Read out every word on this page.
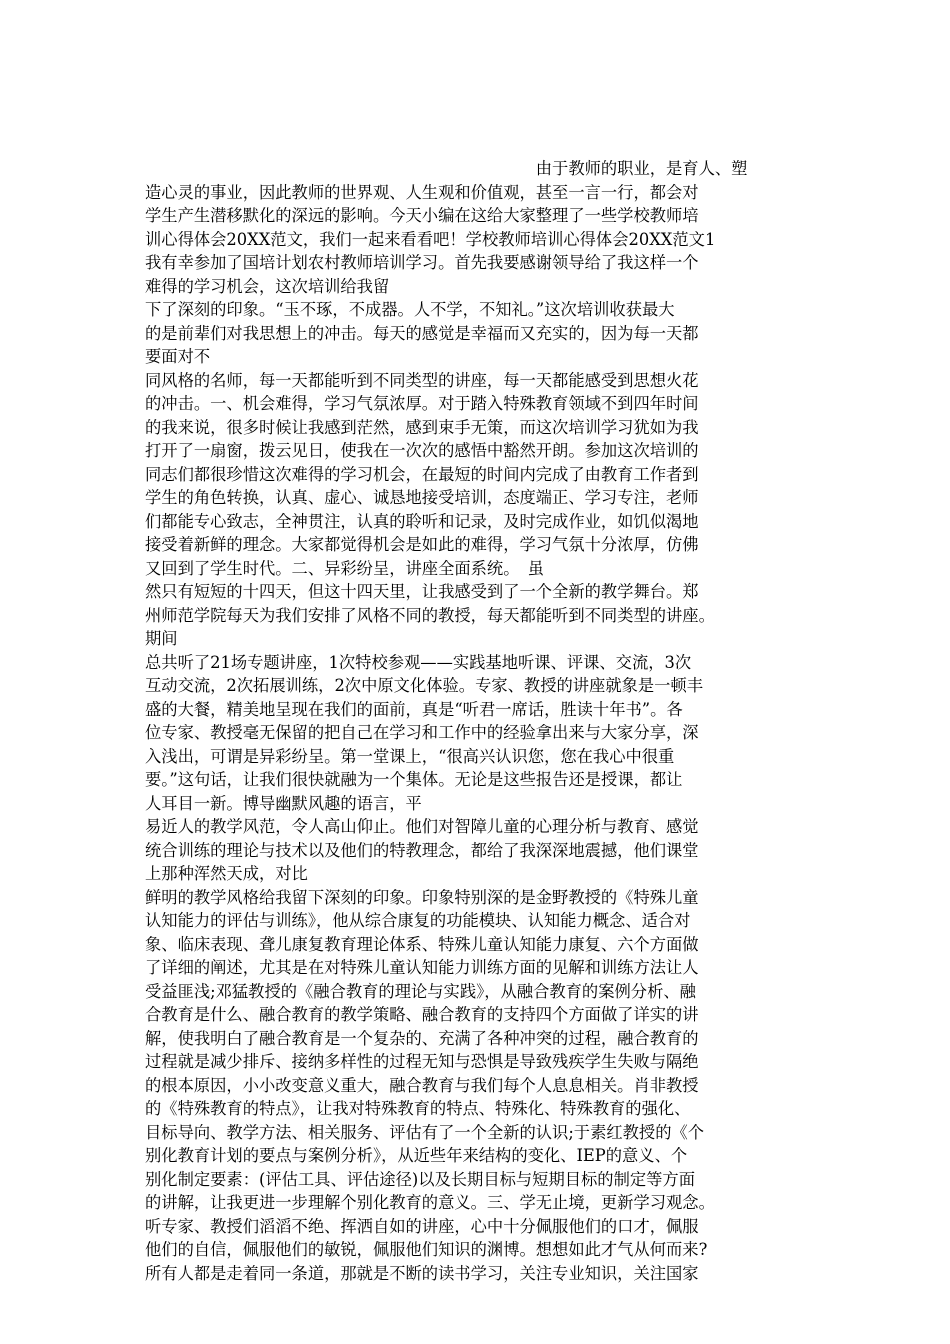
　　　　　　　　　　　　　　　　　　　　　　　　由于教师的职业，是育人、塑
造心灵的事业，因此教师的世界观、人生观和价值观，甚至一言一行，都会对
学生产生潜移默化的深远的影响。今天小编在这给大家整理了一些学校教师培
训心得体会20XX范文，我们一起来看看吧！学校教师培训心得体会20XX范文1
我有幸参加了国培计划农村教师培训学习。首先我要感谢领导给了我这样一个
难得的学习机会，这次培训给我留
下了深刻的印象。“玉不琢，不成器。人不学，不知礼。”这次培训收获最大
的是前辈们对我思想上的冲击。每天的感觉是幸福而又充实的，因为每一天都
要面对不
同风格的名师，每一天都能听到不同类型的讲座，每一天都能感受到思想火花
的冲击。一、机会难得，学习气氛浓厚。对于踏入特殊教育领域不到四年时间
的我来说，很多时候让我感到茫然，感到束手无策，而这次培训学习犹如为我
打开了一扇窗，拨云见日，使我在一次次的感悟中豁然开朗。参加这次培训的
同志们都很珍惜这次难得的学习机会，在最短的时间内完成了由教育工作者到
学生的角色转换，认真、虚心、诚恳地接受培训，态度端正、学习专注，老师
们都能专心致志，全神贯注，认真的聆听和记录，及时完成作业，如饥似渴地
接受着新鲜的理念。大家都觉得机会是如此的难得，学习气氛十分浓厚，仿佛
又回到了学生时代。二、异彩纷呈，讲座全面系统。　虽
然只有短短的十四天，但这十四天里，让我感受到了一个全新的教学舞台。郑
州师范学院每天为我们安排了风格不同的教授，每天都能听到不同类型的讲座。
期间
总共听了21场专题讲座，1次特校参观——实践基地听课、评课、交流，3次
互动交流，2次拓展训练，2次中原文化体验。专家、教授的讲座就象是一顿丰
盛的大餐，精美地呈现在我们的面前，真是“听君一席话，胜读十年书”。各
位专家、教授毫无保留的把自己在学习和工作中的经验拿出来与大家分享，深
入浅出，可谓是异彩纷呈。第一堂课上，“很高兴认识您，您在我心中很重
要。”这句话，让我们很快就融为一个集体。无论是这些报告还是授课，都让
人耳目一新。博导幽默风趣的语言，平
易近人的教学风范，令人高山仰止。他们对智障儿童的心理分析与教育、感觉
统合训练的理论与技术以及他们的特教理念，都给了我深深地震撼，他们课堂
上那种浑然天成，对比
鲜明的教学风格给我留下深刻的印象。印象特别深的是金野教授的《特殊儿童
认知能力的评估与训练》，他从综合康复的功能模块、认知能力概念、适合对
象、临床表现、聋儿康复教育理论体系、特殊儿童认知能力康复、六个方面做
了详细的阐述，尤其是在对特殊儿童认知能力训练方面的见解和训练方法让人
受益匪浅;邓猛教授的《融合教育的理论与实践》，从融合教育的案例分析、融
合教育是什么、融合教育的教学策略、融合教育的支持四个方面做了详实的讲
解，使我明白了融合教育是一个复杂的、充满了各种冲突的过程，融合教育的
过程就是减少排斥、接纳多样性的过程无知与恐惧是导致残疾学生失败与隔绝
的根本原因，小小改变意义重大，融合教育与我们每个人息息相关。肖非教授
的《特殊教育的特点》，让我对特殊教育的特点、特殊化、特殊教育的强化、
目标导向、教学方法、相关服务、评估有了一个全新的认识;于素红教授的《个
别化教育计划的要点与案例分析》，从近些年来结构的变化、IEP的意义、个
别化制定要素：(评估工具、评估途径)以及长期目标与短期目标的制定等方面
的讲解，让我更进一步理解个别化教育的意义。三、学无止境，更新学习观念。
听专家、教授们滔滔不绝、挥洒自如的讲座，心中十分佩服他们的口才，佩服
他们的自信，佩服他们的敏锐，佩服他们知识的渊博。想想如此才气从何而来?
所有人都是走着同一条道，那就是不断的读书学习，关注专业知识，关注国家
